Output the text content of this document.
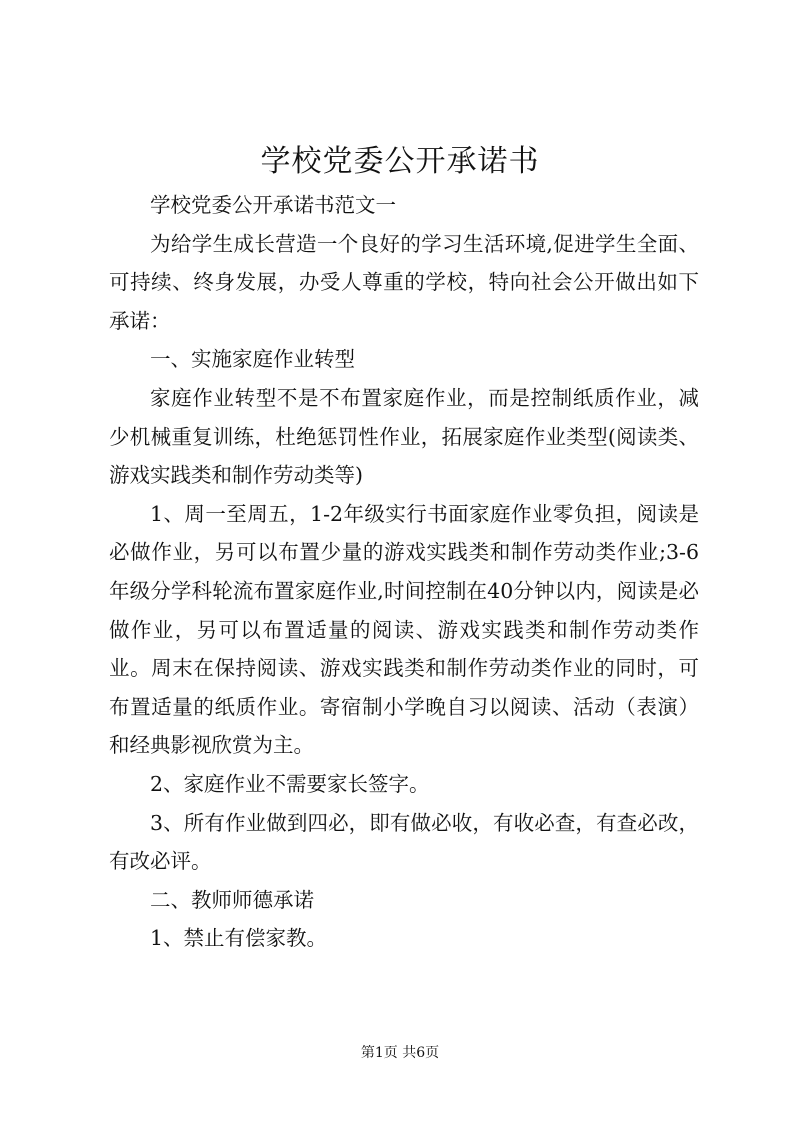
学校党委公开承诺书

学校党委公开承诺书范文一

为给学生成长营造一个良好的学习生活环境,促进学生全面、可持续、终身发展，办受人尊重的学校，特向社会公开做出如下承诺：

一、实施家庭作业转型

家庭作业转型不是不布置家庭作业，而是控制纸质作业，减少机械重复训练，杜绝惩罚性作业，拓展家庭作业类型(阅读类、游戏实践类和制作劳动类等)

1、周一至周五，1-2年级实行书面家庭作业零负担，阅读是必做作业，另可以布置少量的游戏实践类和制作劳动类作业;3-6年级分学科轮流布置家庭作业,时间控制在40分钟以内，阅读是必做作业，另可以布置适量的阅读、游戏实践类和制作劳动类作业。周末在保持阅读、游戏实践类和制作劳动类作业的同时，可布置适量的纸质作业。寄宿制小学晚自习以阅读、活动（表演）和经典影视欣赏为主。

2、家庭作业不需要家长签字。

3、所有作业做到四必，即有做必收，有收必查，有查必改，有改必评。

二、教师师德承诺

1、禁止有偿家教。

第1页 共6页
